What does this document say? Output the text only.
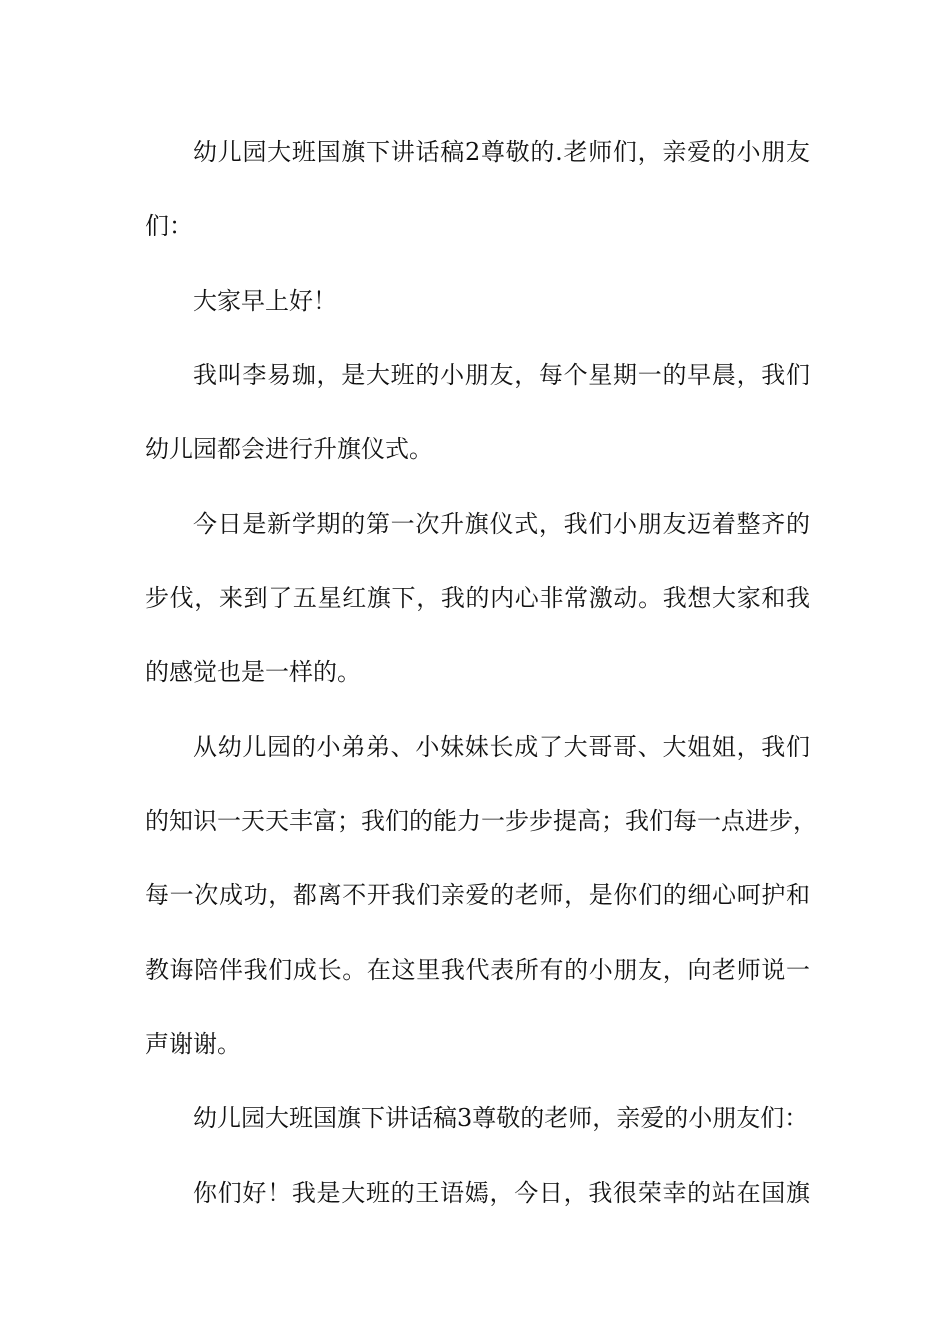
幼儿园大班国旗下讲话稿2尊敬的.老师们，亲爱的小朋友
们：
大家早上好！
我叫李易珈，是大班的小朋友，每个星期一的早晨，我们
幼儿园都会进行升旗仪式。
今日是新学期的第一次升旗仪式，我们小朋友迈着整齐的
步伐，来到了五星红旗下，我的内心非常激动。我想大家和我
的感觉也是一样的。
从幼儿园的小弟弟、小妹妹长成了大哥哥、大姐姐，我们
的知识一天天丰富；我们的能力一步步提高；我们每一点进步，
每一次成功，都离不开我们亲爱的老师，是你们的细心呵护和
教诲陪伴我们成长。在这里我代表所有的小朋友，向老师说一
声谢谢。
幼儿园大班国旗下讲话稿3尊敬的老师，亲爱的小朋友们：
你们好！我是大班的王语嫣，今日，我很荣幸的站在国旗
